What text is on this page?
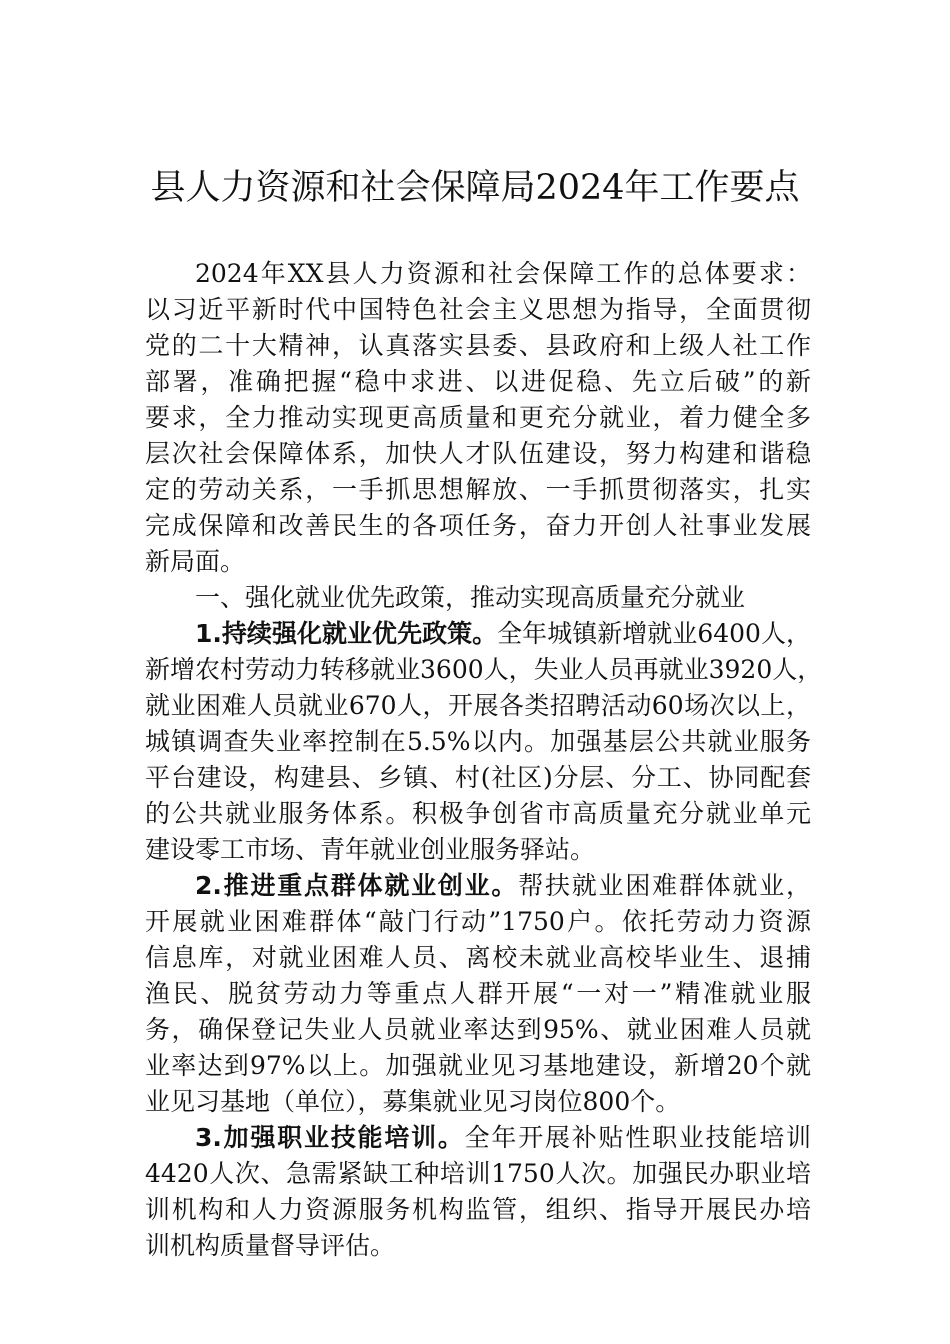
县人力资源和社会保障局2024年工作要点
2024年XX县人力资源和社会保障工作的总体要求：
以习近平新时代中国特色社会主义思想为指导，全面贯彻
党的二十大精神，认真落实县委、县政府和上级人社工作
部署，准确把握“稳中求进、以进促稳、先立后破”的新
要求，全力推动实现更高质量和更充分就业，着力健全多
层次社会保障体系，加快人才队伍建设，努力构建和谐稳
定的劳动关系，一手抓思想解放、一手抓贯彻落实，扎实
完成保障和改善民生的各项任务，奋力开创人社事业发展
新局面。
一、强化就业优先政策，推动实现高质量充分就业
1.持续强化就业优先政策。全年城镇新增就业6400人，
新增农村劳动力转移就业3600人，失业人员再就业3920人，
就业困难人员就业670人，开展各类招聘活动60场次以上，
城镇调查失业率控制在5.5%以内。加强基层公共就业服务
平台建设，构建县、乡镇、村(社区)分层、分工、协同配套
的公共就业服务体系。积极争创省市高质量充分就业单元
建设零工市场、青年就业创业服务驿站。
2.推进重点群体就业创业。帮扶就业困难群体就业，
开展就业困难群体“敲门行动”1750户。依托劳动力资源
信息库，对就业困难人员、离校未就业高校毕业生、退捕
渔民、脱贫劳动力等重点人群开展“一对一”精准就业服
务，确保登记失业人员就业率达到95%、就业困难人员就
业率达到97%以上。加强就业见习基地建设，新增20个就
业见习基地（单位），募集就业见习岗位800个。
3.加强职业技能培训。全年开展补贴性职业技能培训
4420人次、急需紧缺工种培训1750人次。加强民办职业培
训机构和人力资源服务机构监管，组织、指导开展民办培
训机构质量督导评估。
